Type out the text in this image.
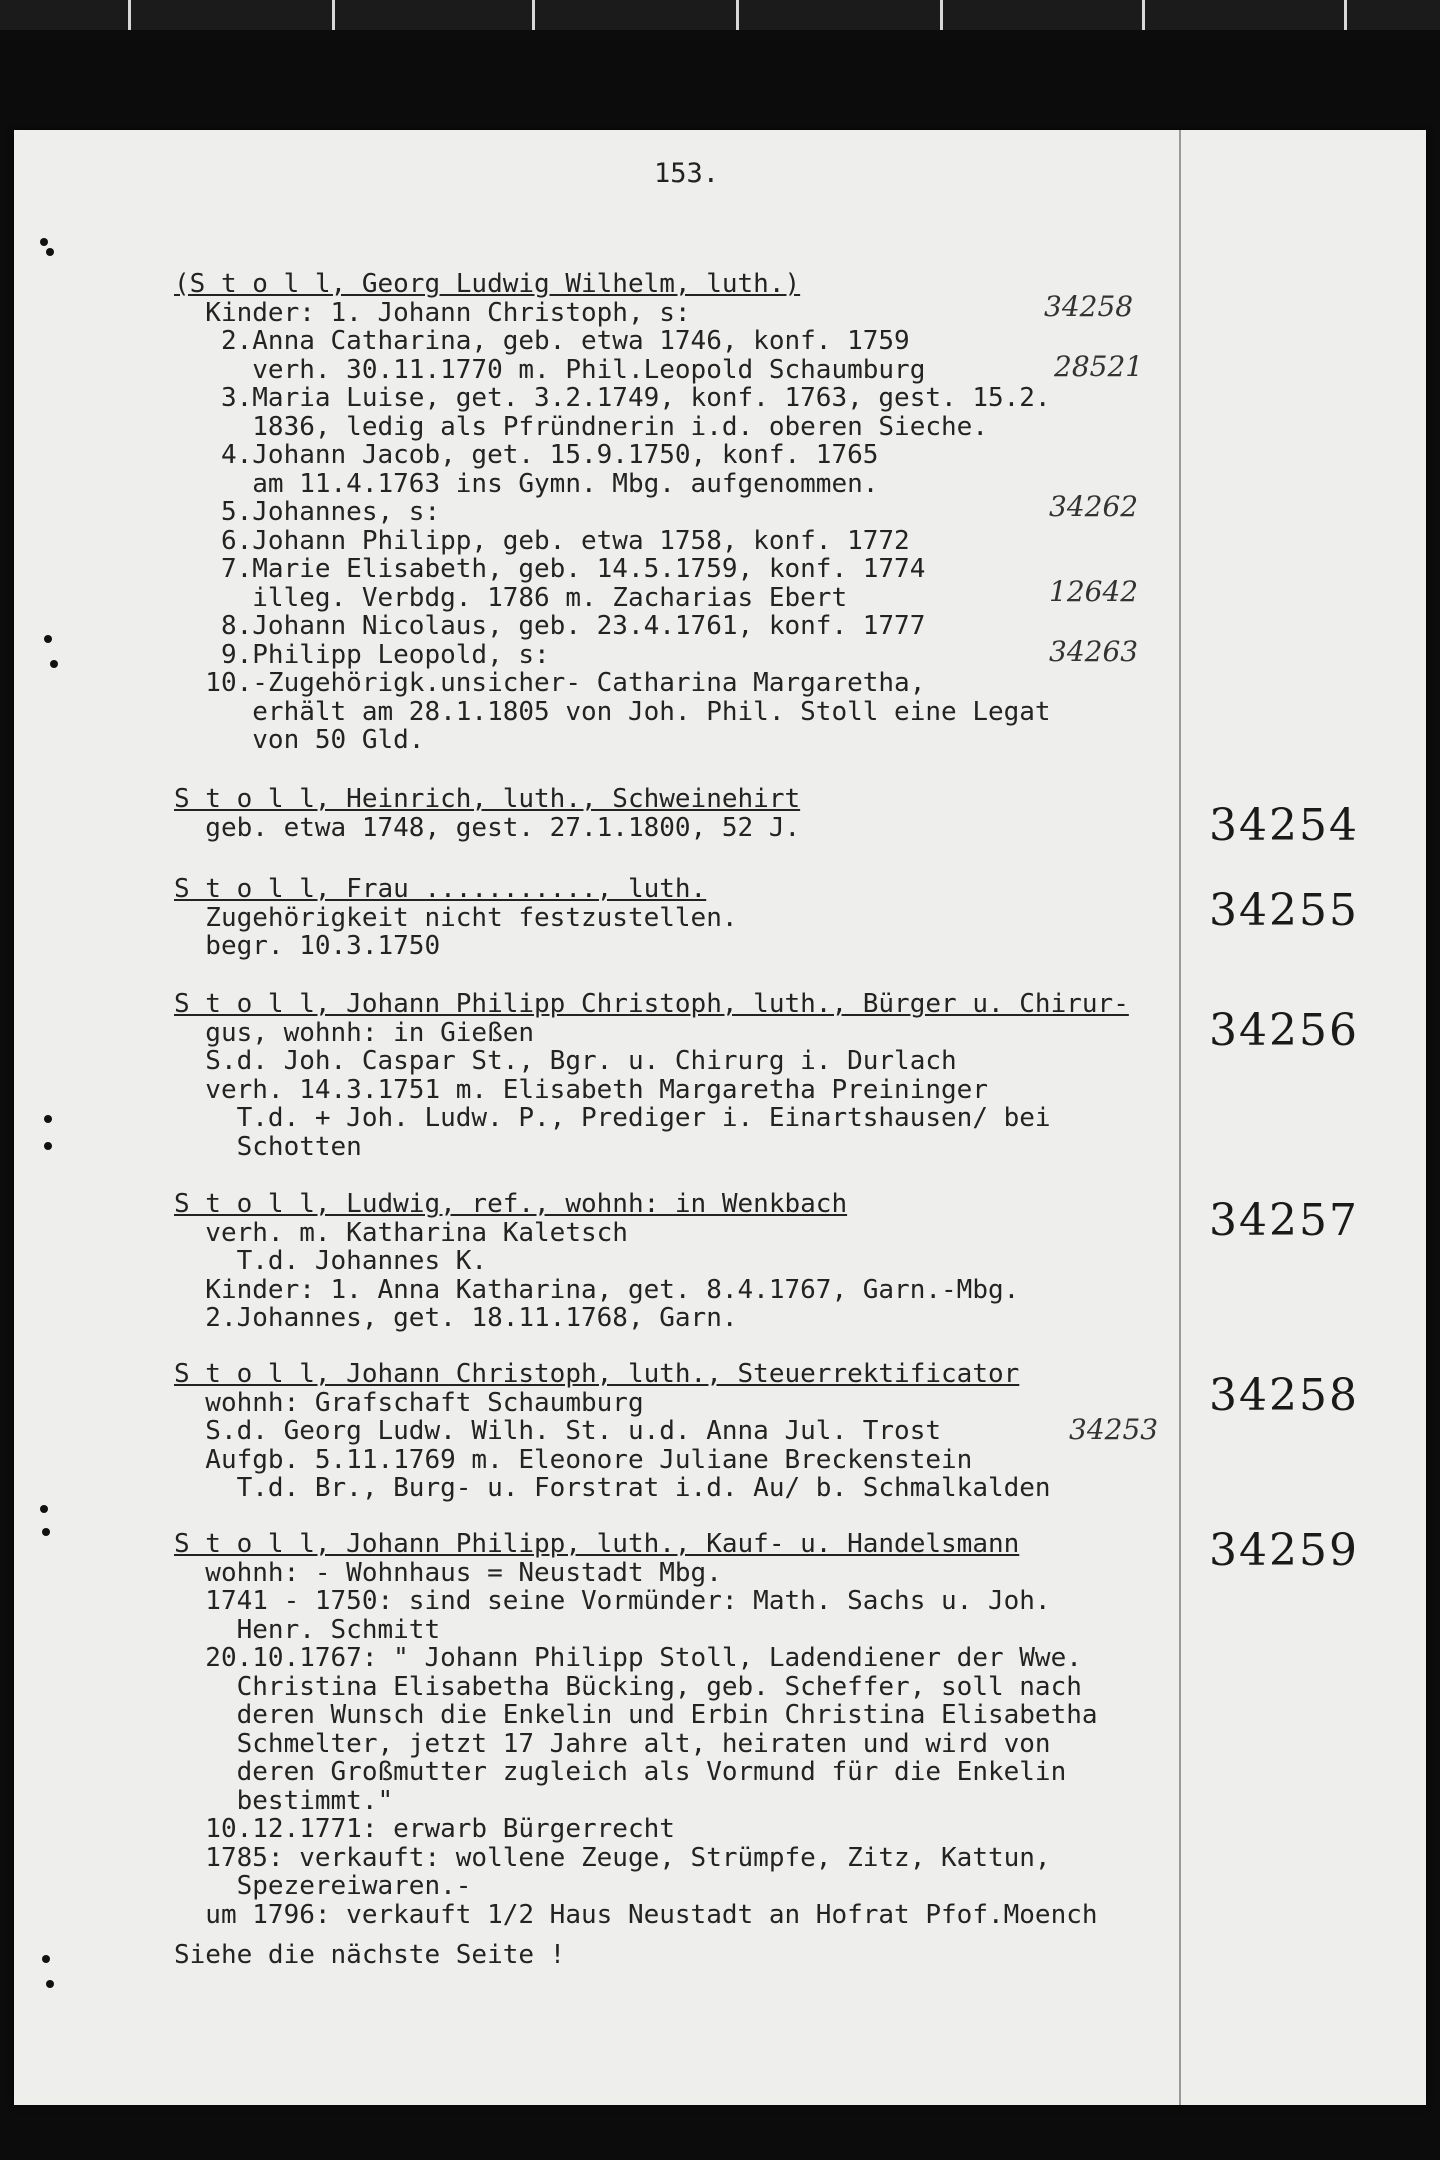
153.
(S t o l l, Georg Ludwig Wilhelm, luth.)
Kinder: 1. Johann Christoph, s:
2.Anna Catharina, geb. etwa 1746, konf. 1759
verh. 30.11.1770 m. Phil.Leopold Schaumburg
3.Maria Luise, get. 3.2.1749, konf. 1763, gest. 15.2.
1836, ledig als Pfründnerin i.d. oberen Sieche.
4.Johann Jacob, get. 15.9.1750, konf. 1765
am 11.4.1763 ins Gymn. Mbg. aufgenommen.
5.Johannes, s:
6.Johann Philipp, geb. etwa 1758, konf. 1772
7.Marie Elisabeth, geb. 14.5.1759, konf. 1774
illeg. Verbdg. 1786 m. Zacharias Ebert
8.Johann Nicolaus, geb. 23.4.1761, konf. 1777
9.Philipp Leopold, s:
10.-Zugehörigk.unsicher- Catharina Margaretha,
erhält am 28.1.1805 von Joh. Phil. Stoll eine Legat
von 50 Gld.
34258
28521
34262
12642
34263
S t o l l, Heinrich, luth., Schweinehirt
geb. etwa 1748, gest. 27.1.1800, 52 J.	34254
S t o l l, Frau ..........., luth.
Zugehörigkeit nicht festzustellen.
begr. 10.3.1750
34255
S t o l l, Johann Philipp Christoph, luth., Bürger u. Chirur-
gus, wohnh: in Gießen
S.d. Joh. Caspar St., Bgr. u. Chirurg i. Durlach
verh. 14.3.1751 m. Elisabeth Margaretha Preininger
T.d. + Joh. Ludw. P., Prediger i. Einartshausen/ bei
Schotten
34256
S t o l l, Ludwig, ref., wohnh: in Wenkbach
verh. m. Katharina Kaletsch
T.d. Johannes K.
Kinder: 1. Anna Katharina, get. 8.4.1767, Garn.-Mbg.
2.Johannes, get. 18.11.1768, Garn.
34257
S t o l l, Johann Christoph, luth., Steuerrektificator
wohnh: Grafschaft Schaumburg
S.d. Georg Ludw. Wilh. St. u.d. Anna Jul. Trost
Aufgb. 5.11.1769 m. Eleonore Juliane Breckenstein
T.d. Br., Burg- u. Forstrat i.d. Au/ b. Schmalkalden
34258
34253
S t o l l, Johann Philipp, luth., Kauf- u. Handelsmann
wohnh: - Wohnhaus = Neustadt Mbg.
1741 - 1750: sind seine Vormünder: Math. Sachs u. Joh.
Henr. Schmitt
20.10.1767: " Johann Philipp Stoll, Ladendiener der Wwe.
Christina Elisabetha Bücking, geb. Scheffer, soll nach
deren Wunsch die Enkelin und Erbin Christina Elisabetha
Schmelter, jetzt 17 Jahre alt, heiraten und wird von
deren Großmutter zugleich als Vormund für die Enkelin
bestimmt."
10.12.1771: erwarb Bürgerrecht
1785: verkauft: wollene Zeuge, Strümpfe, Zitz, Kattun,
Spezereiwaren.-
um 1796: verkauft 1/2 Haus Neustadt an Hofrat Pfof.Moench
34259
Siehe die nächste Seite !
